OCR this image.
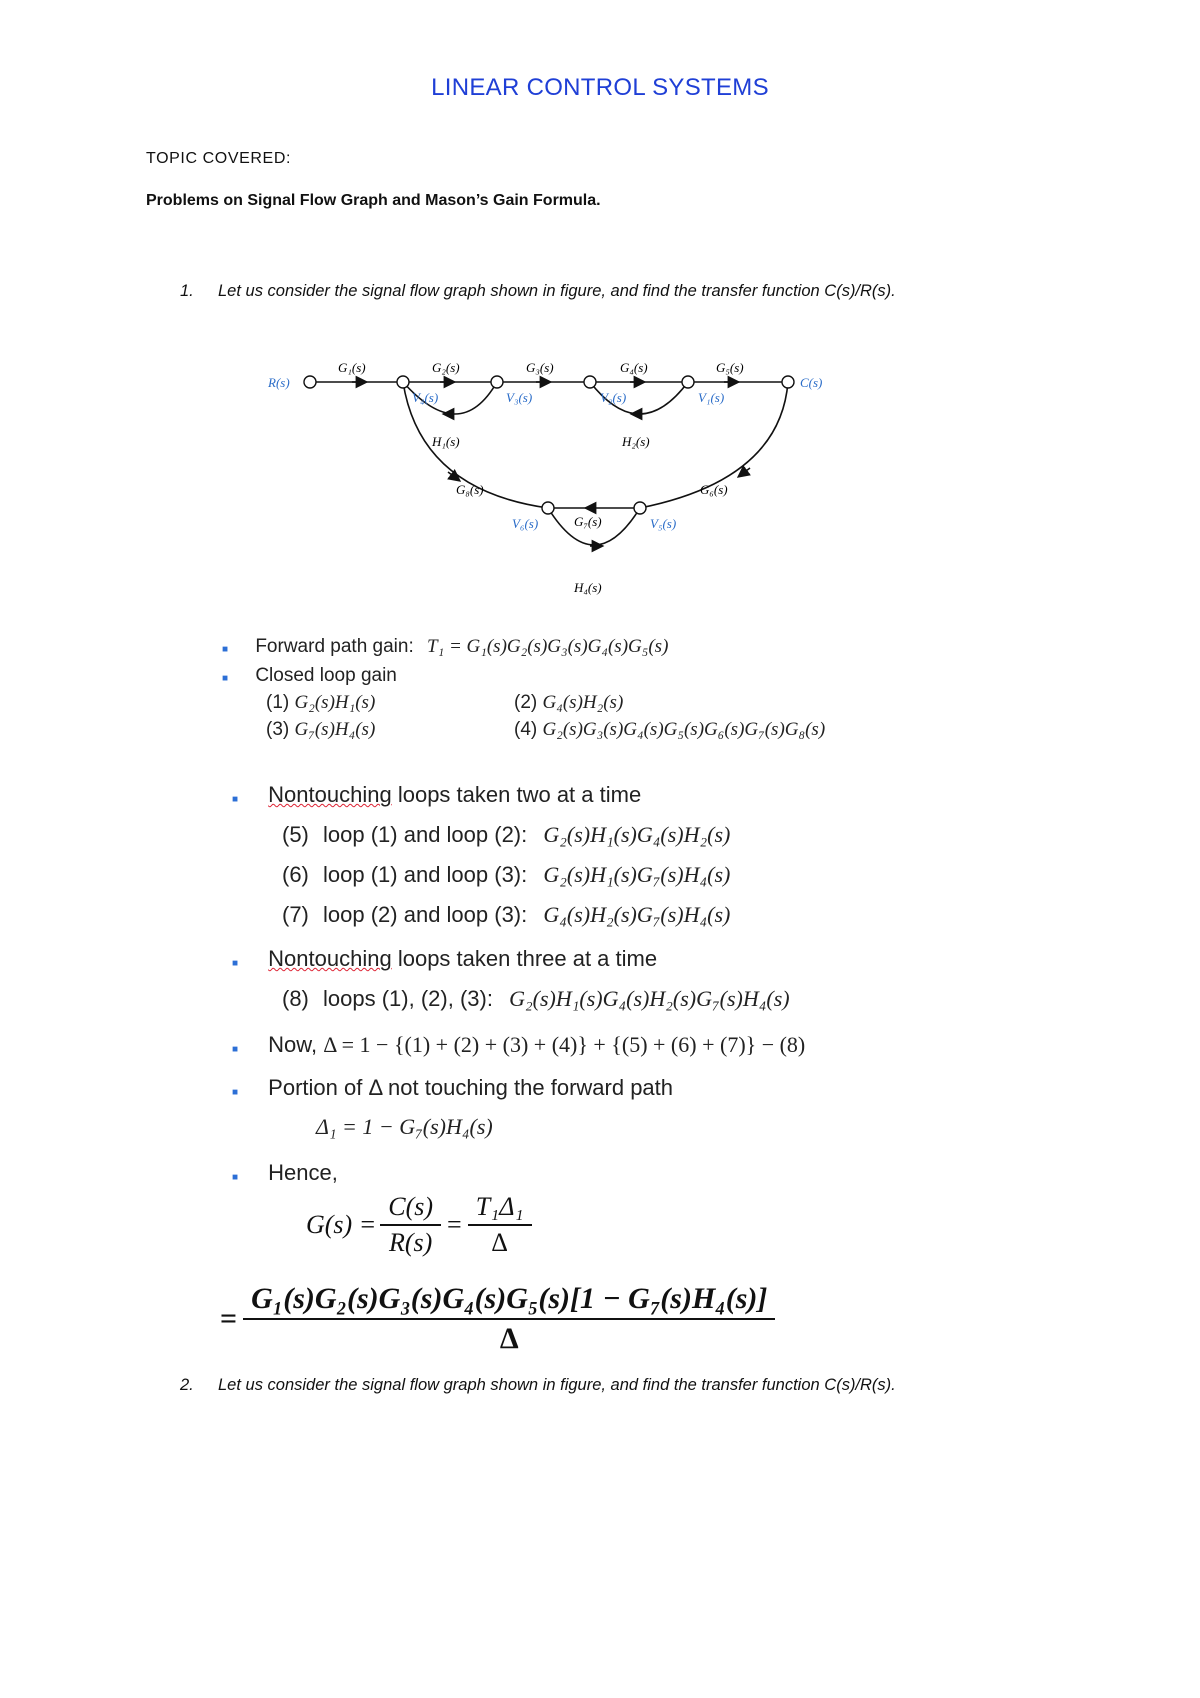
LINEAR CONTROL SYSTEMS
TOPIC COVERED:
Problems on Signal Flow Graph and Mason’s Gain Formula.
1. Let us consider the signal flow graph shown in figure, and find the transfer function C(s)/R(s).
R(s)	C(s)
G₁(s)	G₂(s)	G₃(s)	G₄(s)	G₅(s)
V₄(s)	V₃(s)	V₂(s)	V₁(s)
V₆(s)	V₅(s)
H₁(s)	H₂(s)
G₈(s)	G₆(s)
G₇(s)
H₄(s)
■ Forward path gain: T₁ = G₁(s)G₂(s)G₃(s)G₄(s)G₅(s)
■ Closed loop gain
(1) G₂(s)H₁(s)	(2) G₄(s)H₂(s)
(3) G₇(s)H₄(s)	(4) G₂(s)G₃(s)G₄(s)G₅(s)G₆(s)G₇(s)G₈(s)
■ Nontouching loops taken two at a time
(5) loop (1) and loop (2): G₂(s)H₁(s)G₄(s)H₂(s)
(6) loop (1) and loop (3): G₂(s)H₁(s)G₇(s)H₄(s)
(7) loop (2) and loop (3): G₄(s)H₂(s)G₇(s)H₄(s)
■ Nontouching loops taken three at a time
(8) loops (1), (2), (3): G₂(s)H₁(s)G₄(s)H₂(s)G₇(s)H₄(s)
■ Now, Δ = 1 − {(1) + (2) + (3) + (4)} + {(5) + (6) + (7)} − (8)
■ Portion of Δ not touching the forward path
Δ₁ = 1 − G₇(s)H₄(s)
■ Hence,
$G(s) = \frac{C(s)}{R(s)} = \frac{\text{T₁Δ₁}}{\Delta}$
= $\frac{\text{G₁(s)G₂(s)G₃(s)G₄(s)G₅(s)[1 − G₇(s)H₄(s)]}}{\Delta}$
2. Let us consider the signal flow graph shown in figure, and find the transfer function C(s)/R(s).
